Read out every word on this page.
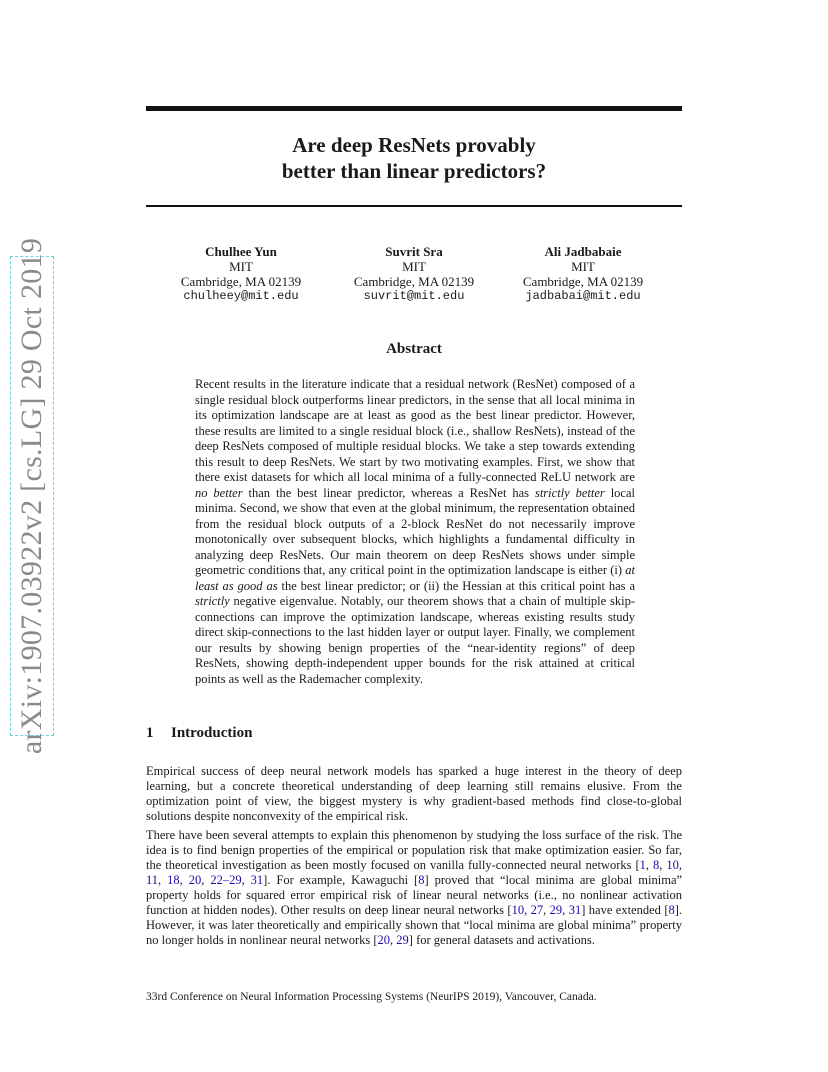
arXiv:1907.03922v2 [cs.LG] 29 Oct 2019
Are deep ResNets provably
better than linear predictors?
Chulhee Yun
MIT
Cambridge, MA 02139
chulheey@mit.edu
Suvrit Sra
MIT
Cambridge, MA 02139
suvrit@mit.edu
Ali Jadbabaie
MIT
Cambridge, MA 02139
jadbabai@mit.edu
Abstract
Recent results in the literature indicate that a residual network (ResNet) composed of a single residual block outperforms linear predictors, in the sense that all local minima in its optimization landscape are at least as good as the best linear predictor. However, these results are limited to a single residual block (i.e., shallow ResNets), instead of the deep ResNets composed of multiple residual blocks. We take a step towards extending this result to deep ResNets. We start by two motivating examples. First, we show that there exist datasets for which all local minima of a fully-connected ReLU network are no better than the best linear predictor, whereas a ResNet has strictly better local minima. Second, we show that even at the global minimum, the representation obtained from the residual block outputs of a 2-block ResNet do not necessarily improve monotonically over subsequent blocks, which highlights a fundamental difficulty in analyzing deep ResNets. Our main theorem on deep ResNets shows under simple geometric conditions that, any critical point in the optimization landscape is either (i) at least as good as the best linear predictor; or (ii) the Hessian at this critical point has a strictly negative eigenvalue. Notably, our theorem shows that a chain of multiple skip-connections can improve the optimization landscape, whereas existing results study direct skip-connections to the last hidden layer or output layer. Finally, we complement our results by showing benign properties of the “near-identity regions” of deep ResNets, showing depth-independent upper bounds for the risk attained at critical points as well as the Rademacher complexity.
1 Introduction
Empirical success of deep neural network models has sparked a huge interest in the theory of deep learning, but a concrete theoretical understanding of deep learning still remains elusive. From the optimization point of view, the biggest mystery is why gradient-based methods find close-to-global solutions despite nonconvexity of the empirical risk.
There have been several attempts to explain this phenomenon by studying the loss surface of the risk. The idea is to find benign properties of the empirical or population risk that make optimization easier. So far, the theoretical investigation as been mostly focused on vanilla fully-connected neural networks [1, 8, 10, 11, 18, 20, 22–29, 31]. For example, Kawaguchi [8] proved that “local minima are global minima” property holds for squared error empirical risk of linear neural networks (i.e., no nonlinear activation function at hidden nodes). Other results on deep linear neural networks [10, 27, 29, 31] have extended [8]. However, it was later theoretically and empirically shown that “local minima are global minima” property no longer holds in nonlinear neural networks [20, 29] for general datasets and activations.
33rd Conference on Neural Information Processing Systems (NeurIPS 2019), Vancouver, Canada.
